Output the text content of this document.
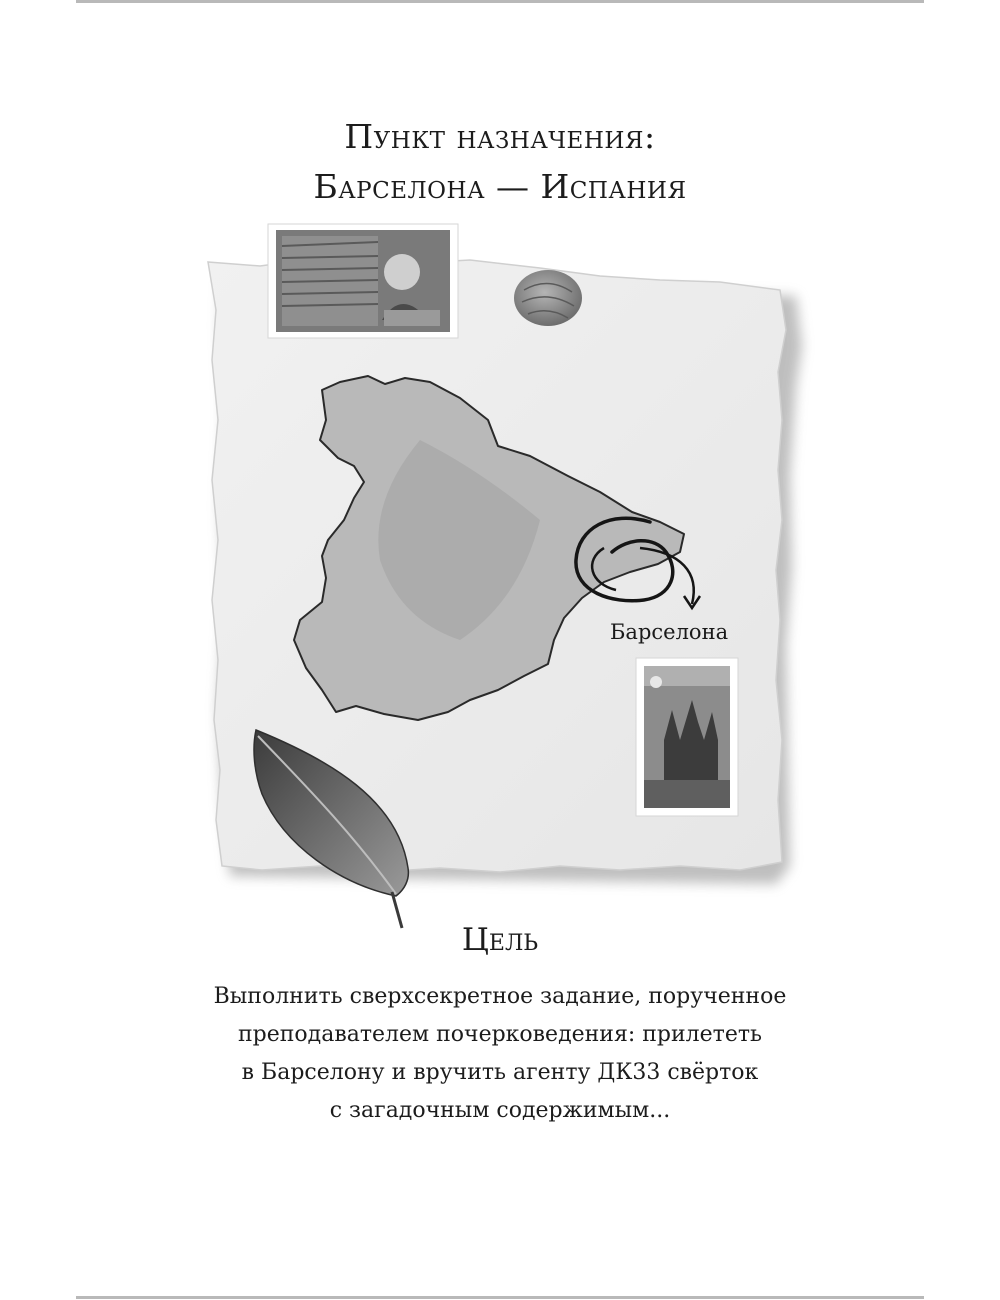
Пункт назначения:
Барселона — Испания
Барселона
Цель
Выполнить сверхсекретное задание, порученное
преподавателем почерковедения: прилететь
в Барселону и вручить агенту ДК33 свёрток
с загадочным содержимым...
